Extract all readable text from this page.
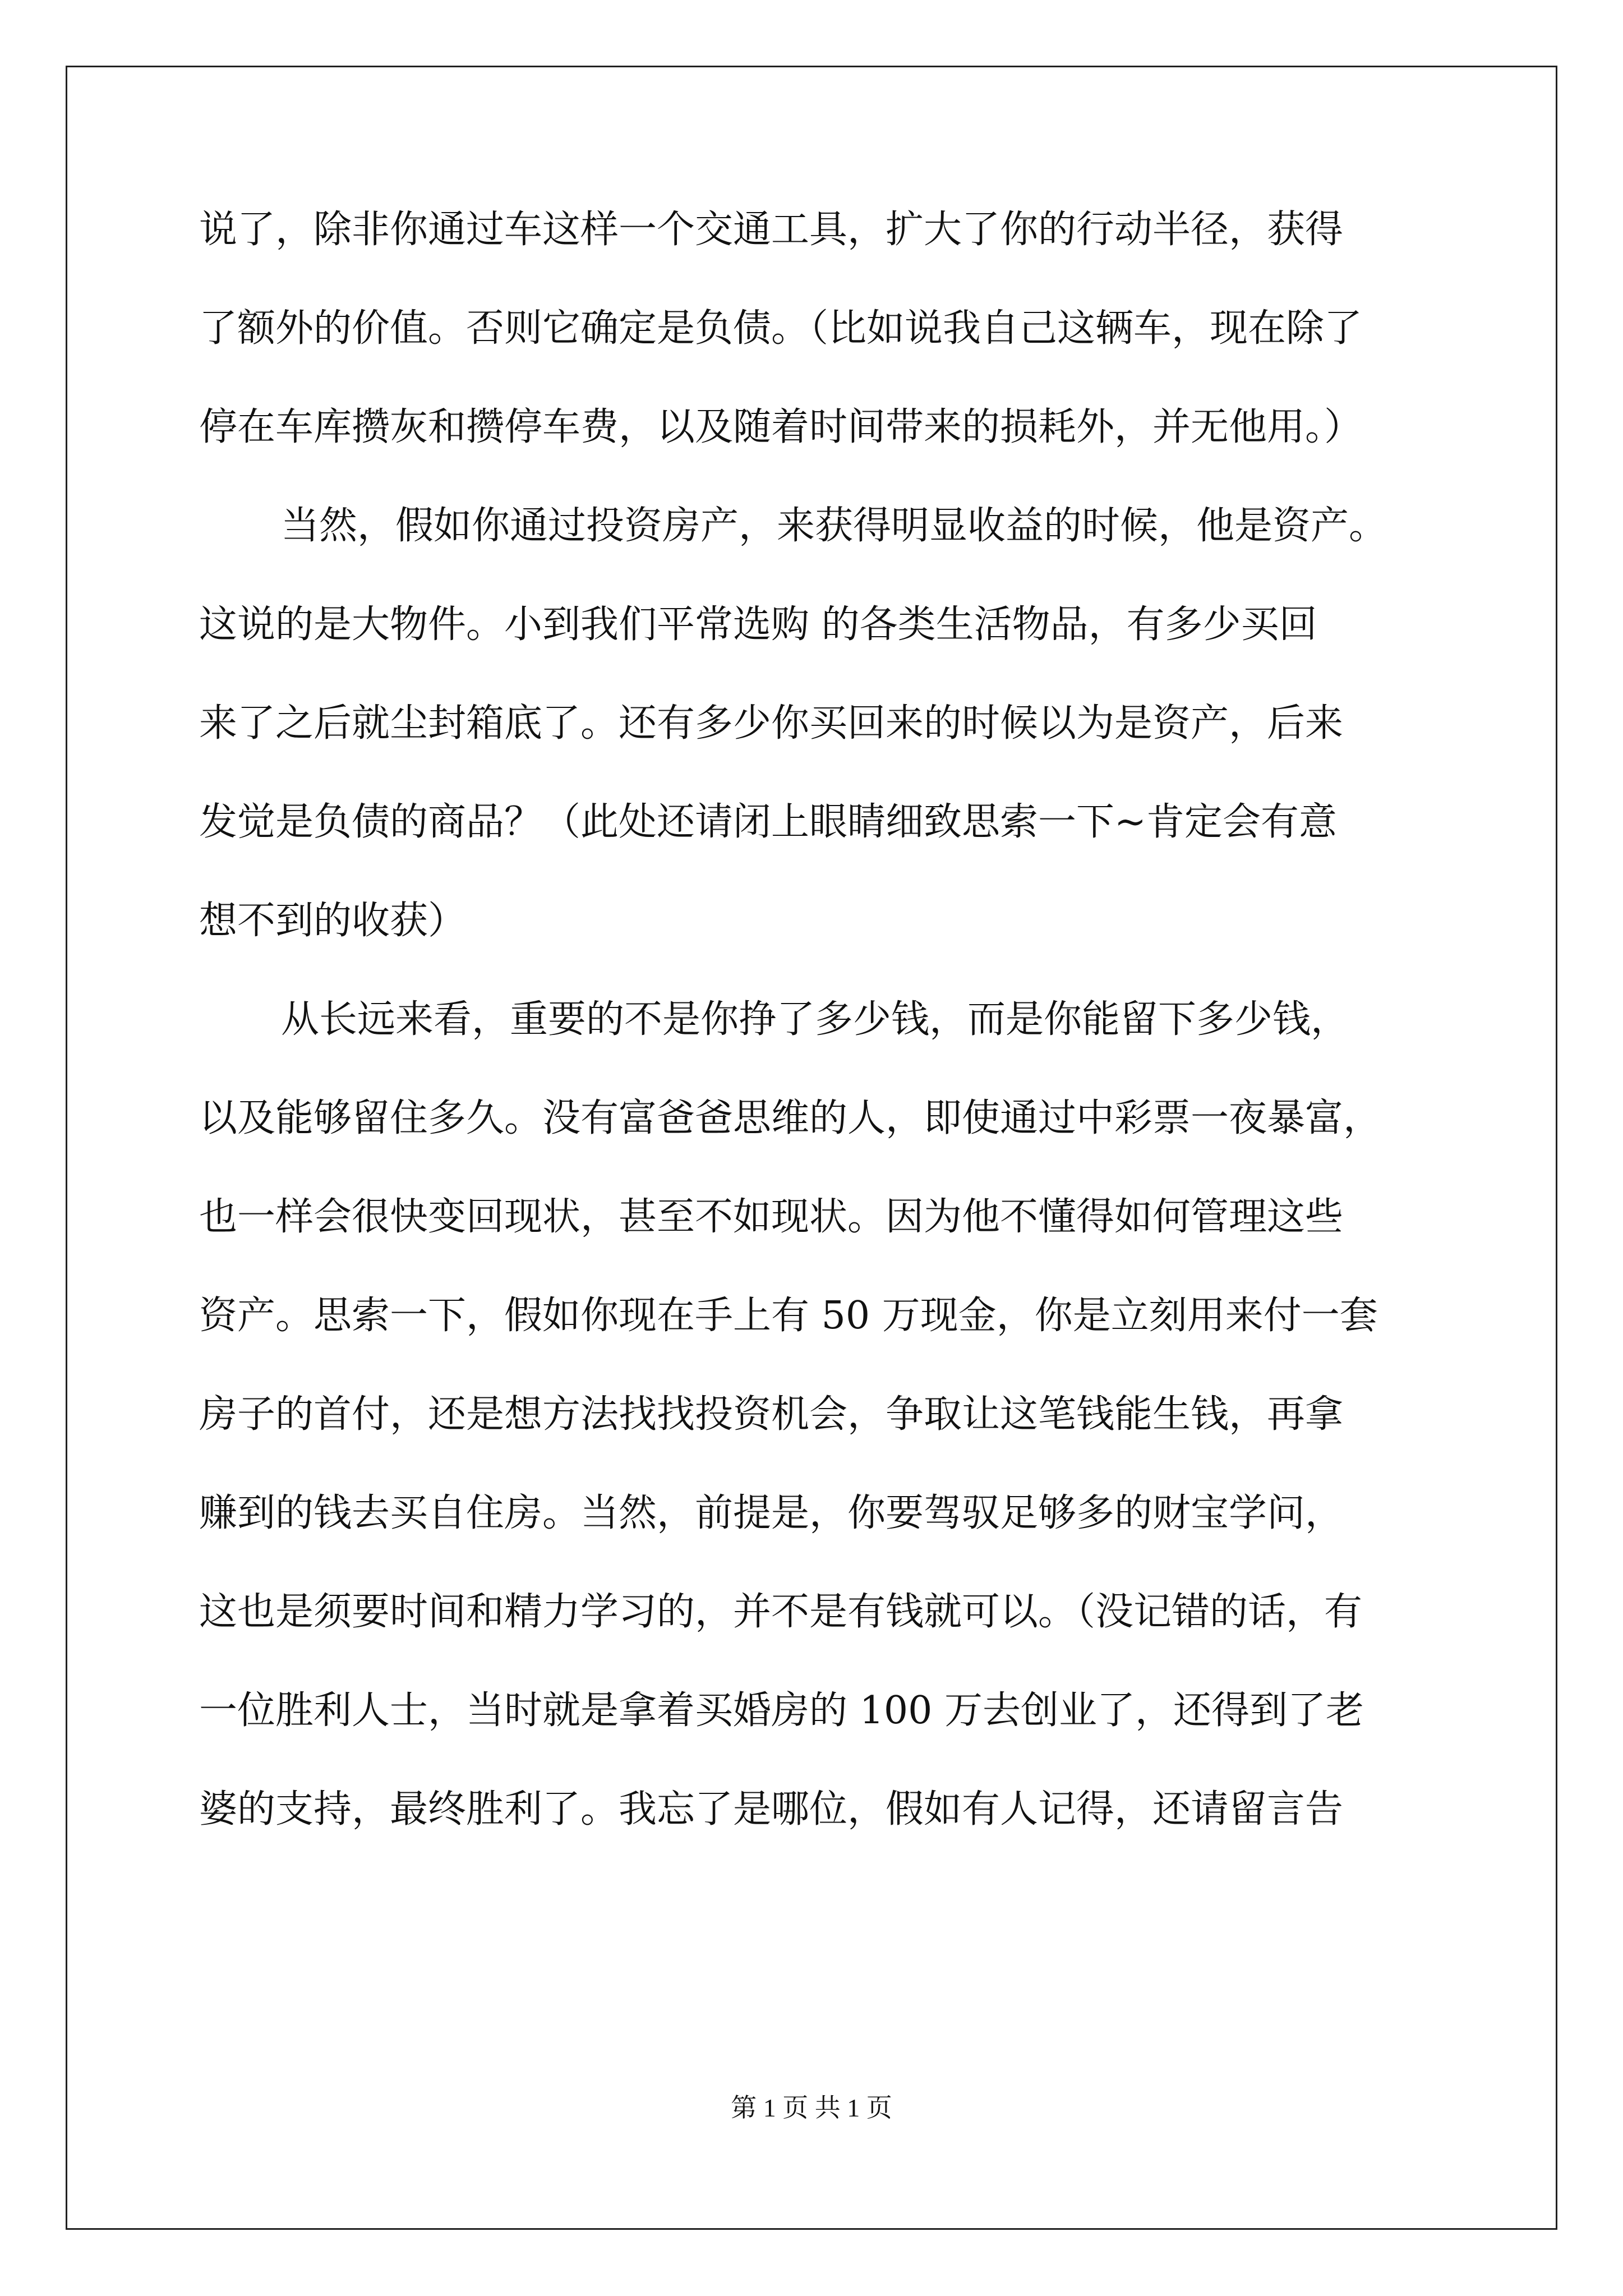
说了，除非你通过车这样一个交通工具，扩大了你的行动半径，获得
了额外的价值。否则它确定是负债。（比如说我自己这辆车，现在除了
停在车库攒灰和攒停车费，以及随着时间带来的损耗外，并无他用。）
当然，假如你通过投资房产，来获得明显收益的时候，他是资产。
这说的是大物件。小到我们平常选购 的各类生活物品，有多少买回
来了之后就尘封箱底了。还有多少你买回来的时候以为是资产，后来
发觉是负债的商品？（此处还请闭上眼睛细致思索一下~肯定会有意
想不到的收获）
从长远来看，重要的不是你挣了多少钱，而是你能留下多少钱，
以及能够留住多久。没有富爸爸思维的人，即使通过中彩票一夜暴富，
也一样会很快变回现状，甚至不如现状。因为他不懂得如何管理这些
资产。思索一下，假如你现在手上有 50 万现金，你是立刻用来付一套
房子的首付，还是想方法找找投资机会，争取让这笔钱能生钱，再拿
赚到的钱去买自住房。当然，前提是，你要驾驭足够多的财宝学问，
这也是须要时间和精力学习的，并不是有钱就可以。（没记错的话，有
一位胜利人士，当时就是拿着买婚房的 100 万去创业了，还得到了老
婆的支持，最终胜利了。我忘了是哪位，假如有人记得，还请留言告
第 1 页 共 1 页
